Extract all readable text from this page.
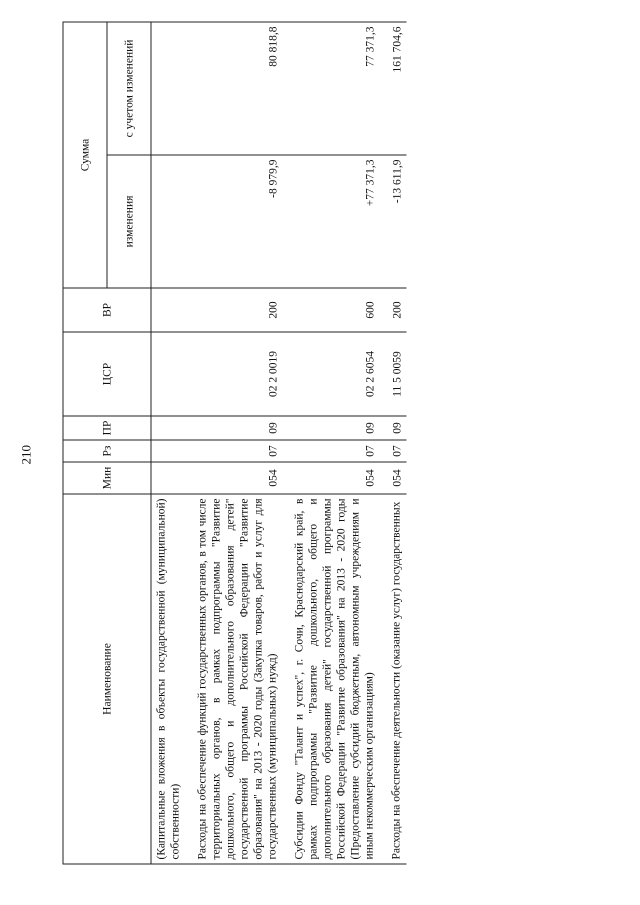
210
Наименование	Мин	Рз	ПР	ЦСР	ВР	Сумма	
						изменения	с учетом изменений
(Капитальные вложения в объекты государственной (муниципальной) собственности)							
Расходы на обеспечение функций государственных органов, в том числе территориальных органов, в рамках подпрограммы "Развитие дошкольного, общего и дополнительного образования детей" государственной программы Российской Федерации "Развитие образования" на 2013 - 2020 годы (Закупка товаров, работ и услуг для государственных (муниципальных) нужд)	054	07	09	02 2 0019	200	-8 979,9	80 818,8
Субсидии Фонду "Талант и успех", г. Сочи, Краснодарский край, в рамках подпрограммы "Развитие дошкольного, общего и дополнительного образования детей" государственной программы Российской Федерации "Развитие образования" на 2013 - 2020 годы (Предоставление субсидий бюджетным, автономным учреждениям и иным некоммерческим организациям)	054	07	09	02 2 6054	600	+77 371,3	77 371,3
Расходы на обеспечение деятельности (оказание услуг) государственных	054	07	09	11 5 0059	200	-13 611,9	161 704,6
